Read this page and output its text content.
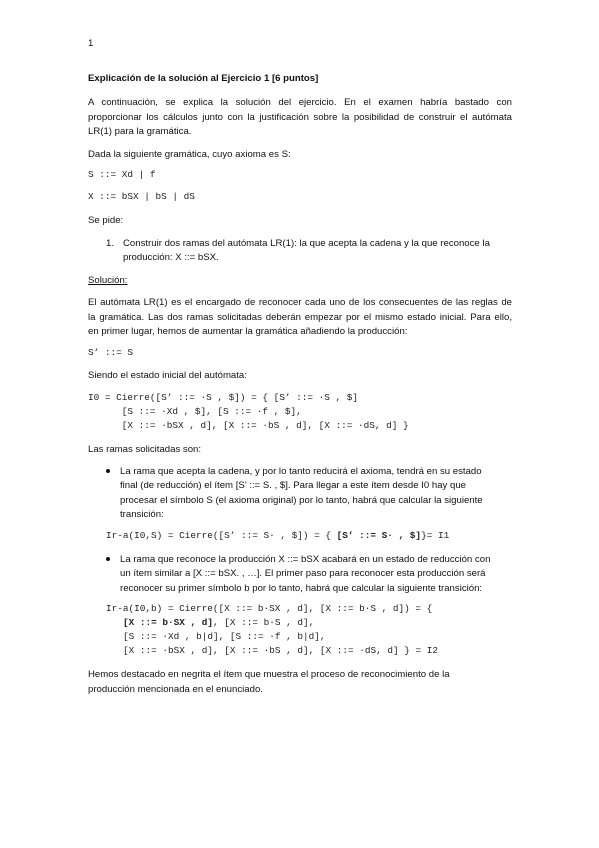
1
Explicación de la solución al Ejercicio 1 [6 puntos]
A continuación, se explica la solución del ejercicio. En el examen habría bastado con
proporcionar los cálculos junto con la justificación sobre la posibilidad de construir el autómata
LR(1) para la gramática.
Dada la siguiente gramática, cuyo axioma es S:
S ::= Xd | f
X ::= bSX | bS | dS
Se pide:
1. Construir dos ramas del autómata LR(1): la que acepta la cadena y la que reconoce la
producción: X ::= bSX.
Solución:
El autómata LR(1) es el encargado de reconocer cada uno de los consecuentes de las reglas de
la gramática. Las dos ramas solicitadas deberán empezar por el mismo estado inicial. Para ello,
en primer lugar, hemos de aumentar la gramática añadiendo la producción:
S’ ::= S
Siendo el estado inicial del autómata:
I0 = Cierre([S’ ::= ·S , $]) = { [S’ ::= ·S , $]
[S ::= ·Xd , $], [S ::= ·f , $],
[X ::= ·bSX , d], [X ::= ·bS , d], [X ::= ·dS, d] }
Las ramas solicitadas son:
La rama que acepta la cadena, y por lo tanto reducirá el axioma, tendrá en su estado
final (de reducción) el ítem [S’ ::= S. , $]. Para llegar a este ítem desde I0 hay que
procesar el símbolo S (el axioma original) por lo tanto, habrá que calcular la siguiente
transición:
Ir-a(I0,S) = Cierre([S’ ::= S· , $]) = { [S’ ::= S· , $]}= I1
La rama que reconoce la producción X ::= bSX acabará en un estado de reducción con
un ítem similar a [X ::= bSX. , …]. El primer paso para reconocer esta producción será
reconocer su primer símbolo b por lo tanto, habrá que calcular la siguiente transición:
Ir-a(I0,b) = Cierre([X ::= b·SX , d], [X ::= b·S , d]) = {
[X ::= b·SX , d], [X ::= b·S , d],
[S ::= ·Xd , b|d], [S ::= ·f , b|d],
[X ::= ·bSX , d], [X ::= ·bS , d], [X ::= ·dS, d] } = I2
Hemos destacado en negrita el ítem que muestra el proceso de reconocimiento de la
producción mencionada en el enunciado.
